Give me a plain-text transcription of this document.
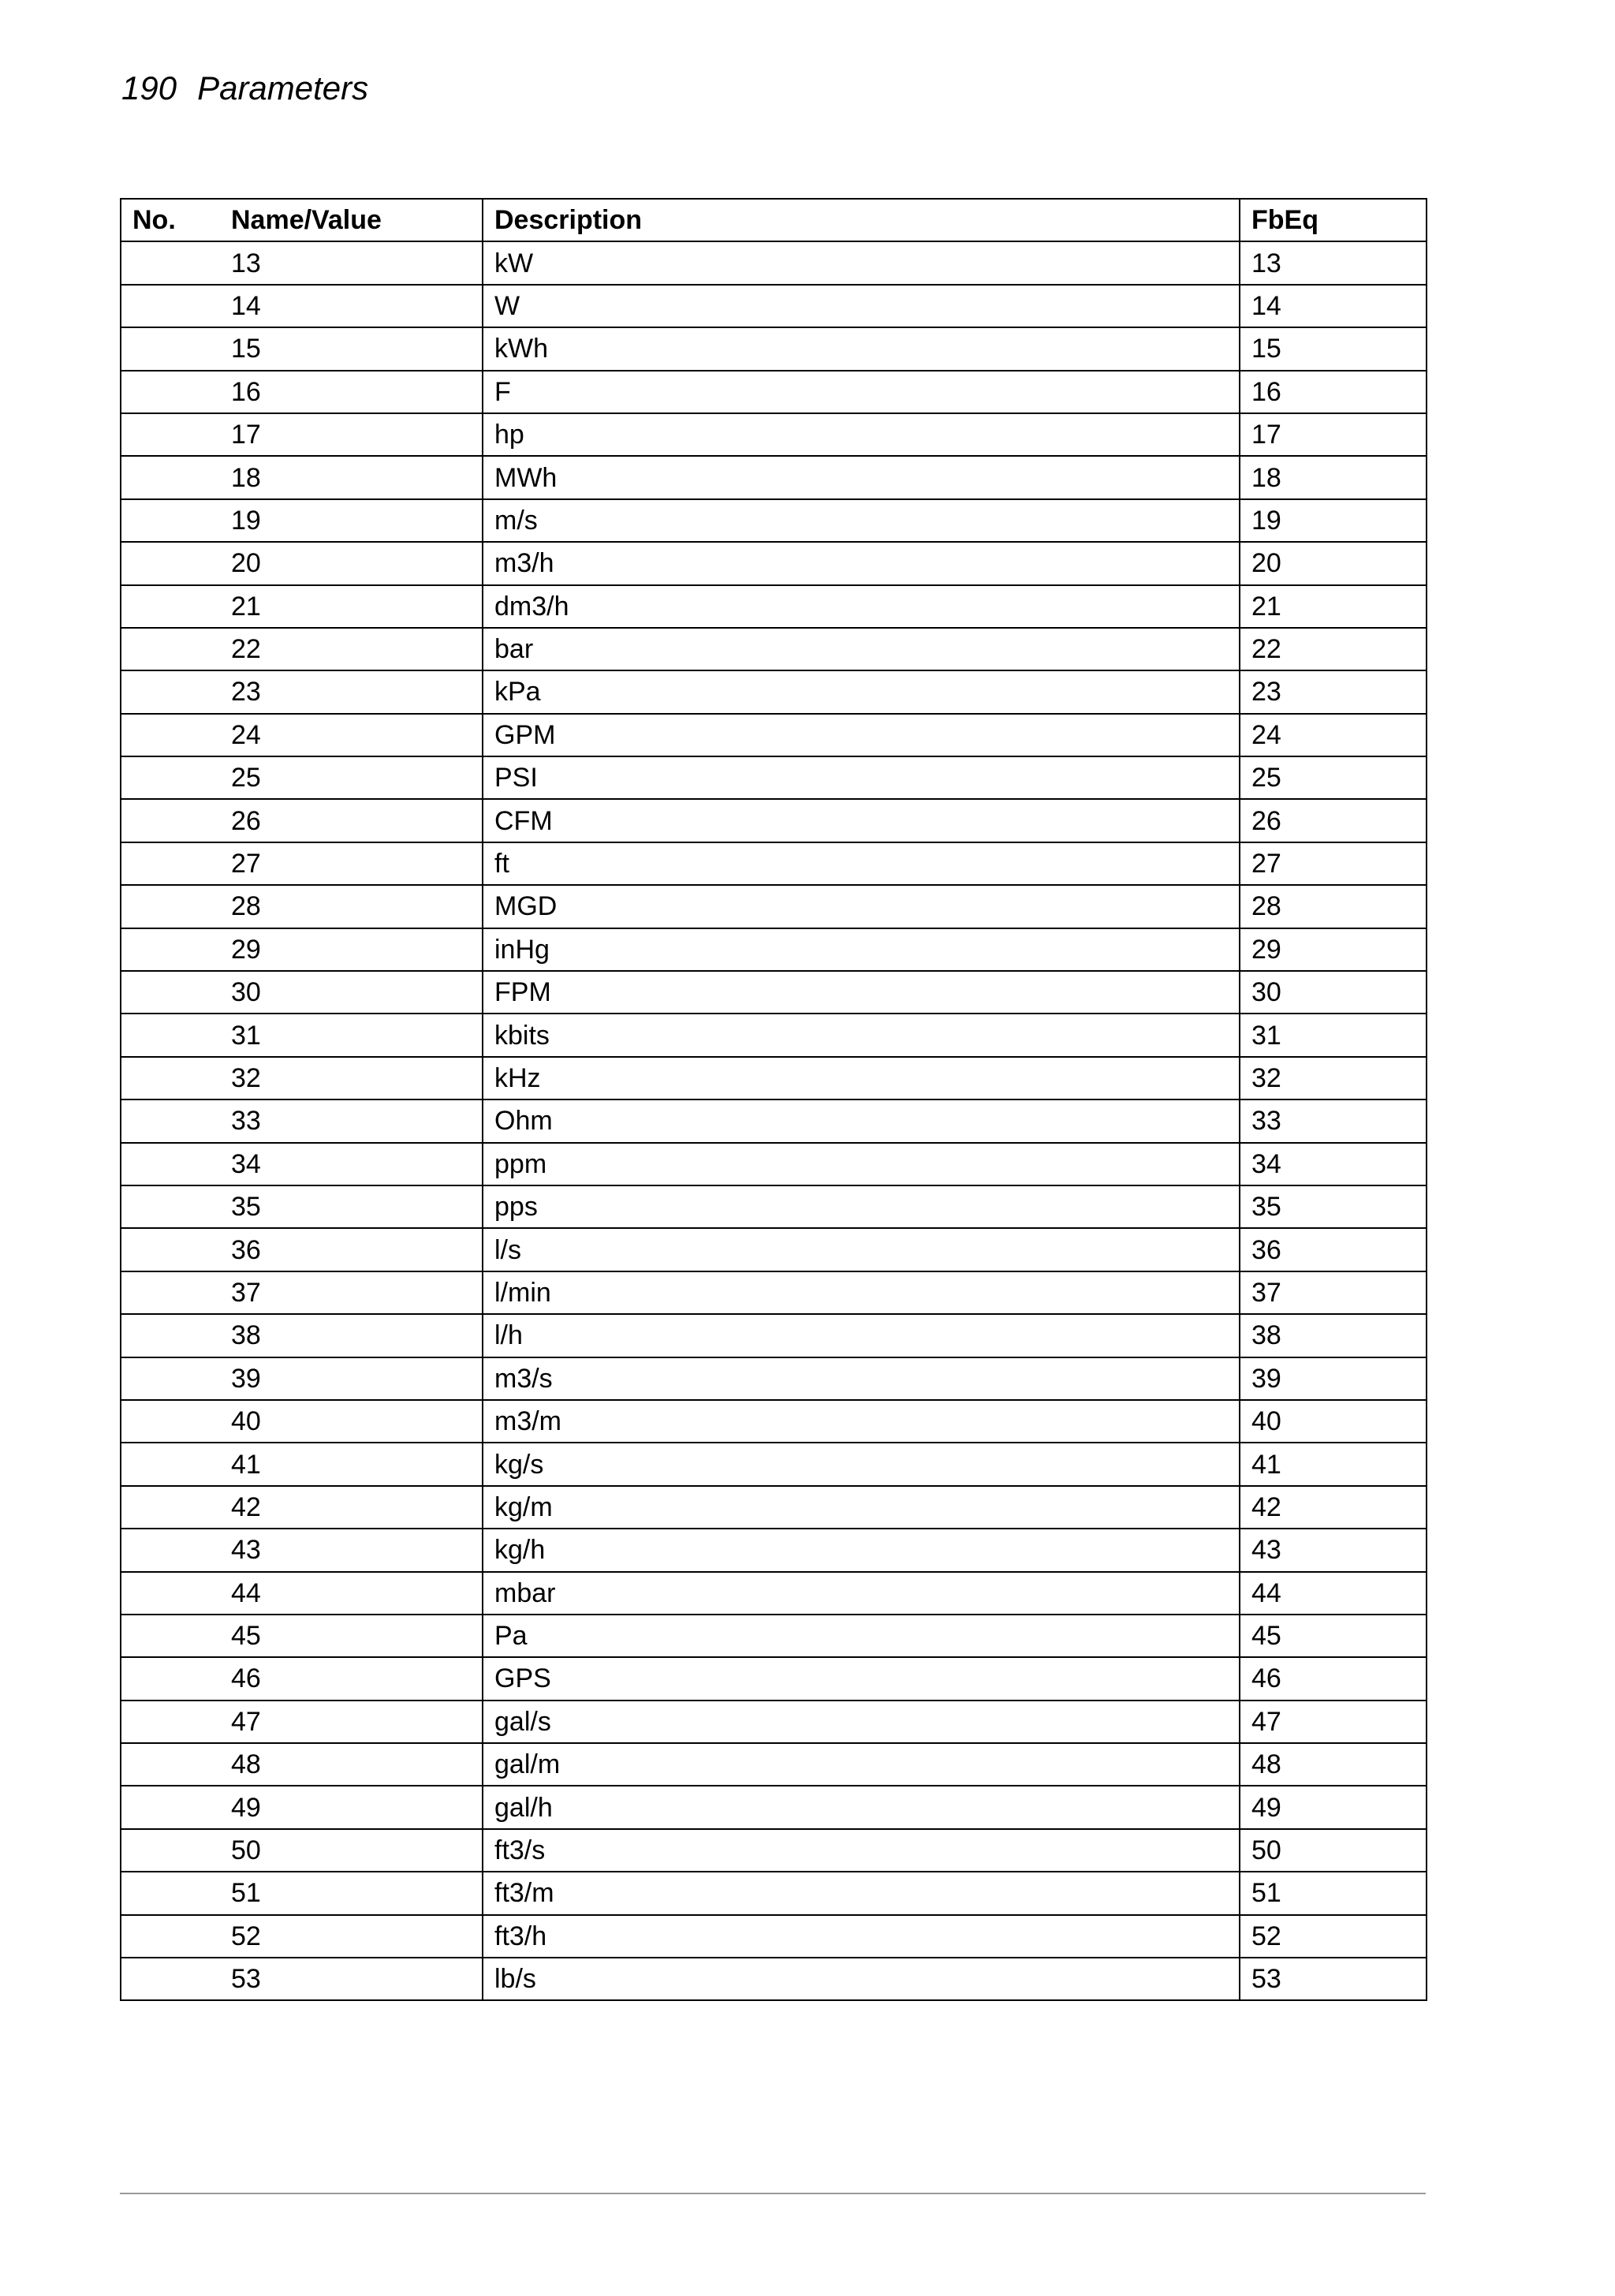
190 Parameters
No. Name/Value	Description	FbEq
13	kW	13
14	W	14
15	kWh	15
16	F	16
17	hp	17
18	MWh	18
19	m/s	19
20	m3/h	20
21	dm3/h	21
22	bar	22
23	kPa	23
24	GPM	24
25	PSI	25
26	CFM	26
27	ft	27
28	MGD	28
29	inHg	29
30	FPM	30
31	kbits	31
32	kHz	32
33	Ohm	33
34	ppm	34
35	pps	35
36	l/s	36
37	l/min	37
38	l/h	38
39	m3/s	39
40	m3/m	40
41	kg/s	41
42	kg/m	42
43	kg/h	43
44	mbar	44
45	Pa	45
46	GPS	46
47	gal/s	47
48	gal/m	48
49	gal/h	49
50	ft3/s	50
51	ft3/m	51
52	ft3/h	52
53	lb/s	53
